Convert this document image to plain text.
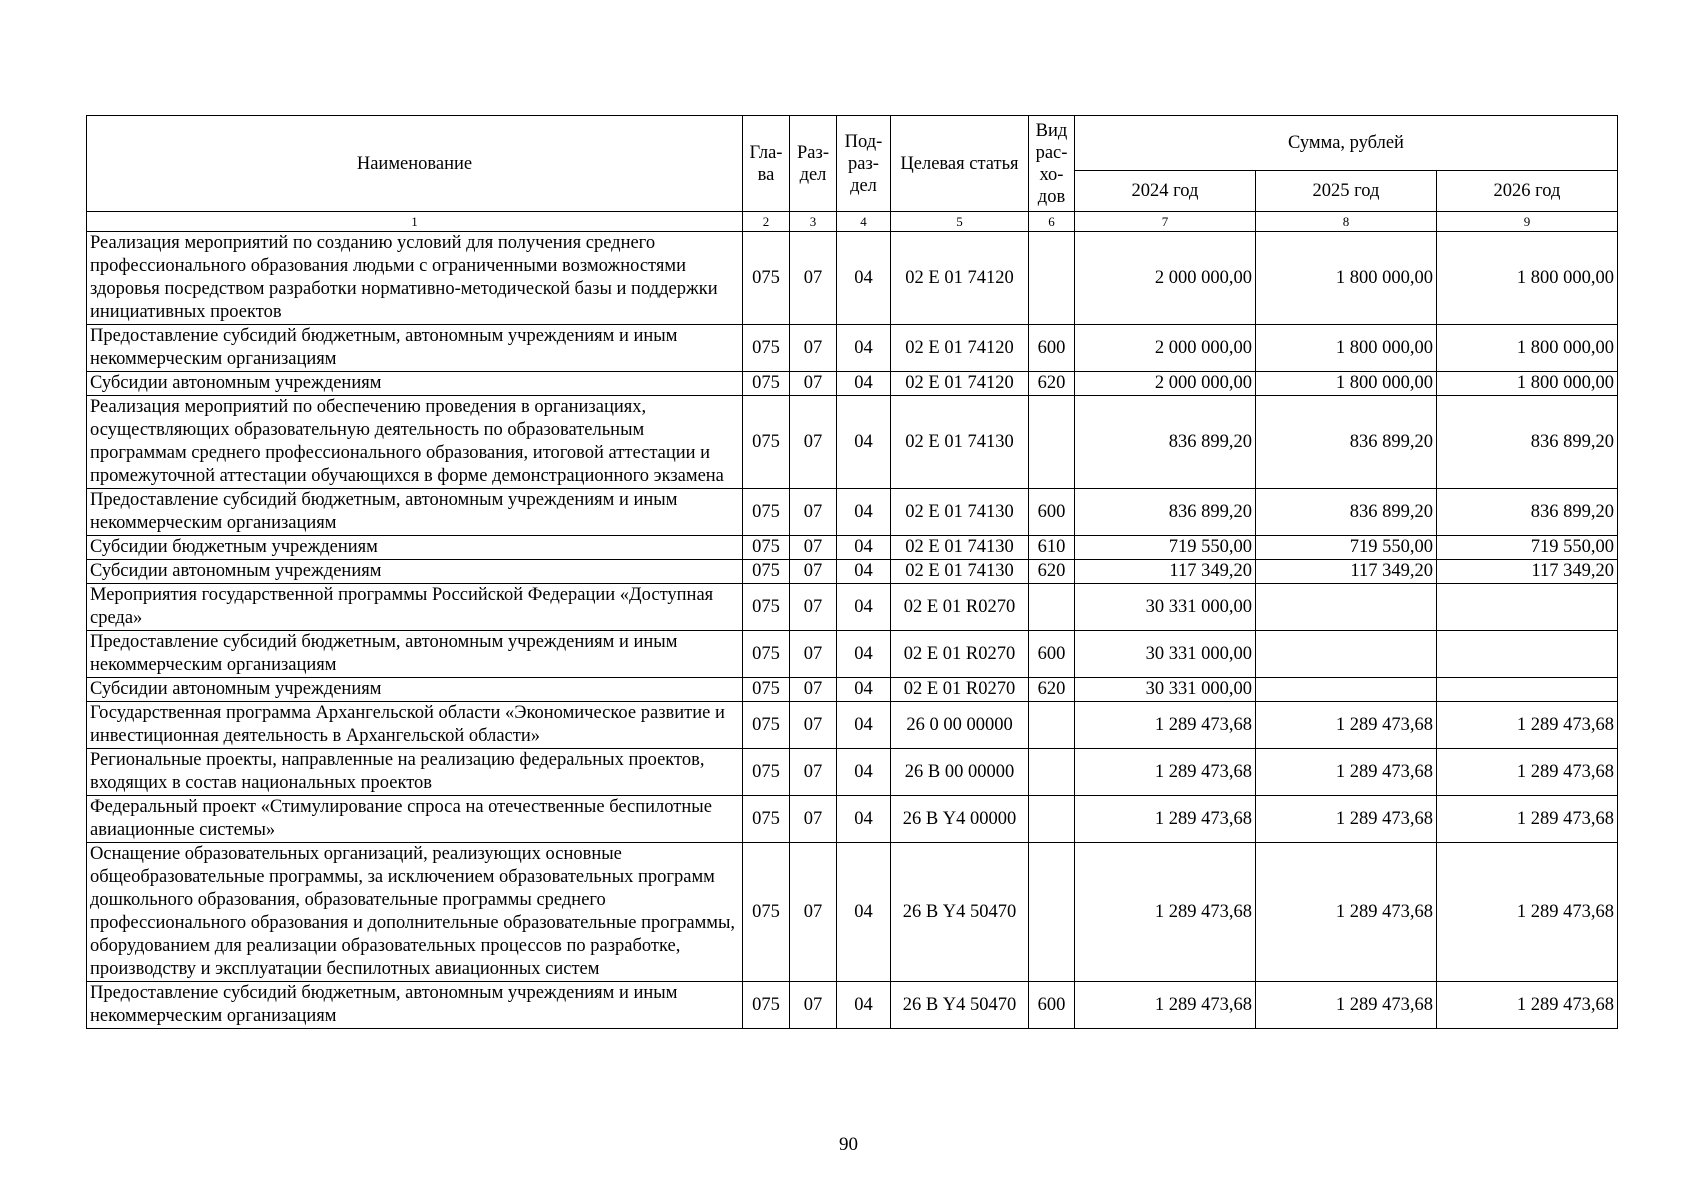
Наименование	Гла-ва	Раз-дел	Под-раз-дел	Целевая статья	Вид рас-хо-дов	Сумма, рублей		
						2024 год	2025 год	2026 год
1	2	3	4	5	6	7	8	9
Реализация мероприятий по созданию условий для получения среднего профессионального образования людьми с ограниченными возможностями здоровья посредством разработки нормативно-методической базы и поддержки инициативных проектов	075	07	04	02 Е 01 74120		2 000 000,00	1 800 000,00	1 800 000,00
Предоставление субсидий бюджетным, автономным учреждениям и иным некоммерческим организациям	075	07	04	02 Е 01 74120	600	2 000 000,00	1 800 000,00	1 800 000,00
Субсидии автономным учреждениям	075	07	04	02 Е 01 74120	620	2 000 000,00	1 800 000,00	1 800 000,00
Реализация мероприятий по обеспечению проведения в организациях, осуществляющих образовательную деятельность по образовательным программам среднего профессионального образования, итоговой аттестации и промежуточной аттестации обучающихся в форме демонстрационного экзамена	075	07	04	02 Е 01 74130		836 899,20	836 899,20	836 899,20
Предоставление субсидий бюджетным, автономным учреждениям и иным некоммерческим организациям	075	07	04	02 Е 01 74130	600	836 899,20	836 899,20	836 899,20
Субсидии бюджетным учреждениям	075	07	04	02 Е 01 74130	610	719 550,00	719 550,00	719 550,00
Субсидии автономным учреждениям	075	07	04	02 Е 01 74130	620	117 349,20	117 349,20	117 349,20
Мероприятия государственной программы Российской Федерации «Доступная среда»	075	07	04	02 Е 01 R0270		30 331 000,00		
Предоставление субсидий бюджетным, автономным учреждениям и иным некоммерческим организациям	075	07	04	02 Е 01 R0270	600	30 331 000,00		
Субсидии автономным учреждениям	075	07	04	02 Е 01 R0270	620	30 331 000,00		
Государственная программа Архангельской области «Экономическое развитие и инвестиционная деятельность в Архангельской области»	075	07	04	26 0 00 00000		1 289 473,68	1 289 473,68	1 289 473,68
Региональные проекты, направленные на реализацию федеральных проектов, входящих в состав национальных проектов	075	07	04	26 В 00 00000		1 289 473,68	1 289 473,68	1 289 473,68
Федеральный проект «Стимулирование спроса на отечественные беспилотные авиационные системы»	075	07	04	26 В Y4 00000		1 289 473,68	1 289 473,68	1 289 473,68
Оснащение образовательных организаций, реализующих основные общеобразовательные программы, за исключением образовательных программ дошкольного образования, образовательные программы среднего профессионального образования и дополнительные образовательные программы, оборудованием для реализации образовательных процессов по разработке, производству и эксплуатации беспилотных авиационных систем	075	07	04	26 В Y4 50470		1 289 473,68	1 289 473,68	1 289 473,68
Предоставление субсидий бюджетным, автономным учреждениям и иным некоммерческим организациям	075	07	04	26 В Y4 50470	600	1 289 473,68	1 289 473,68	1 289 473,68
90
